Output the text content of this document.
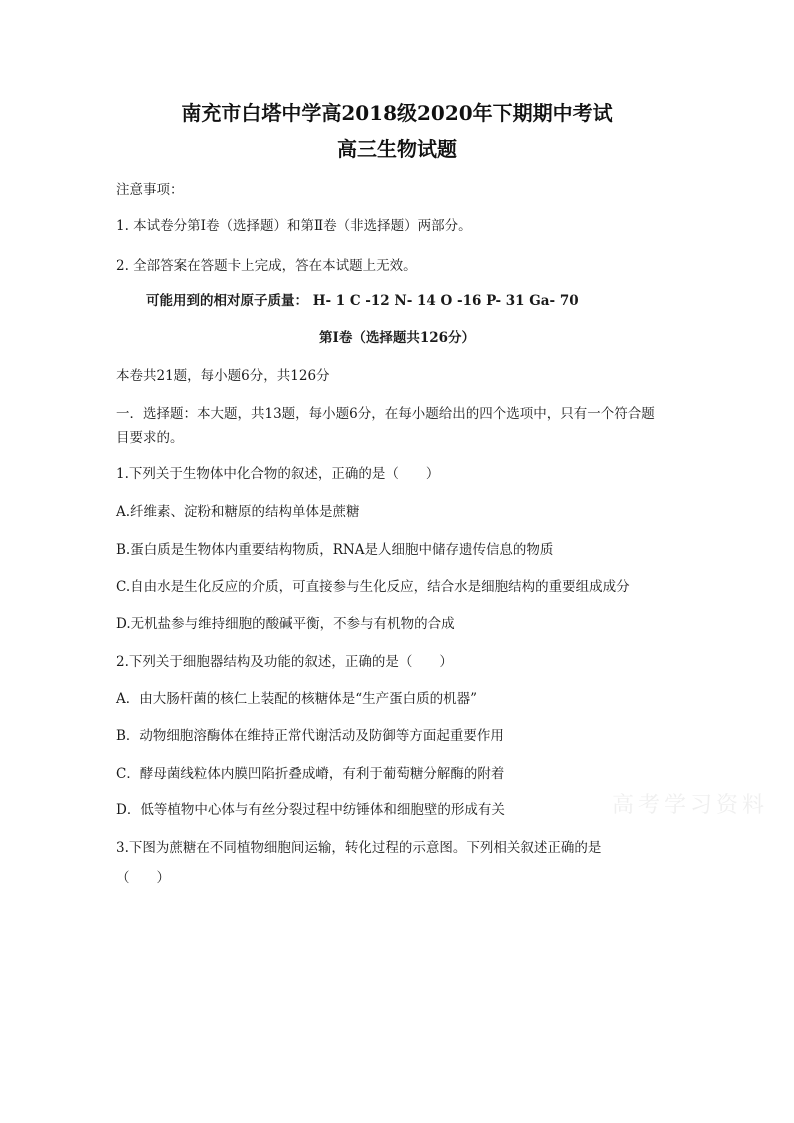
南充市白塔中学高2018级2020年下期期中考试
高三生物试题
注意事项：
1. 本试卷分第Ⅰ卷（选择题）和第Ⅱ卷（非选择题）两部分。
2. 全部答案在答题卡上完成，答在本试题上无效。
可能用到的相对原子质量： H- 1 C -12 N- 14 O -16 P- 31 Ga- 70
第Ⅰ卷（选择题共126分）
本卷共21题，每小题6分，共126分
一．选择题：本大题，共13题，每小题6分，在每小题给出的四个选项中，只有一个符合题
目要求的。
1.下列关于生物体中化合物的叙述，正确的是（　　）
A.纤维素、淀粉和糖原的结构单体是蔗糖
B.蛋白质是生物体内重要结构物质，RNA是人细胞中储存遗传信息的物质
C.自由水是生化反应的介质，可直接参与生化反应，结合水是细胞结构的重要组成成分
D.无机盐参与维持细胞的酸碱平衡，不参与有机物的合成
2.下列关于细胞器结构及功能的叙述，正确的是（　　）
A．由大肠杆菌的核仁上装配的核糖体是“生产蛋白质的机器”
B．动物细胞溶酶体在维持正常代谢活动及防御等方面起重要作用
C．酵母菌线粒体内膜凹陷折叠成嵴，有利于葡萄糖分解酶的附着
D．低等植物中心体与有丝分裂过程中纺锤体和细胞壁的形成有关
3.下图为蔗糖在不同植物细胞间运输，转化过程的示意图。下列相关叙述正确的是
（　　）
高考学习资料
